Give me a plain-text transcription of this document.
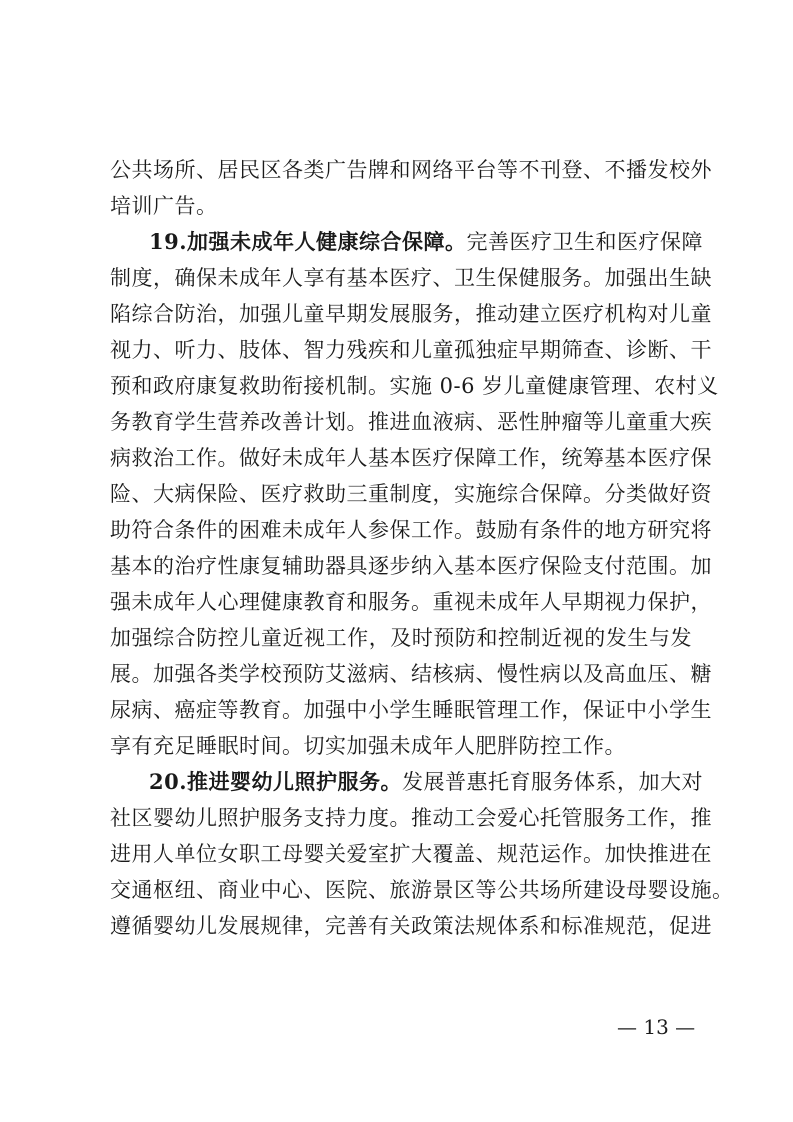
公共场所、居民区各类广告牌和网络平台等不刊登、不播发校外
培训广告。
19.加强未成年人健康综合保障。完善医疗卫生和医疗保障
制度，确保未成年人享有基本医疗、卫生保健服务。加强出生缺
陷综合防治，加强儿童早期发展服务，推动建立医疗机构对儿童
视力、听力、肢体、智力残疾和儿童孤独症早期筛查、诊断、干
预和政府康复救助衔接机制。实施 0-6 岁儿童健康管理、农村义
务教育学生营养改善计划。推进血液病、恶性肿瘤等儿童重大疾
病救治工作。做好未成年人基本医疗保障工作，统筹基本医疗保
险、大病保险、医疗救助三重制度，实施综合保障。分类做好资
助符合条件的困难未成年人参保工作。鼓励有条件的地方研究将
基本的治疗性康复辅助器具逐步纳入基本医疗保险支付范围。加
强未成年人心理健康教育和服务。重视未成年人早期视力保护，
加强综合防控儿童近视工作，及时预防和控制近视的发生与发
展。加强各类学校预防艾滋病、结核病、慢性病以及高血压、糖
尿病、癌症等教育。加强中小学生睡眠管理工作，保证中小学生
享有充足睡眠时间。切实加强未成年人肥胖防控工作。
20.推进婴幼儿照护服务。发展普惠托育服务体系，加大对
社区婴幼儿照护服务支持力度。推动工会爱心托管服务工作，推
进用人单位女职工母婴关爱室扩大覆盖、规范运作。加快推进在
交通枢纽、商业中心、医院、旅游景区等公共场所建设母婴设施。
遵循婴幼儿发展规律，完善有关政策法规体系和标准规范，促进
— 13 —
